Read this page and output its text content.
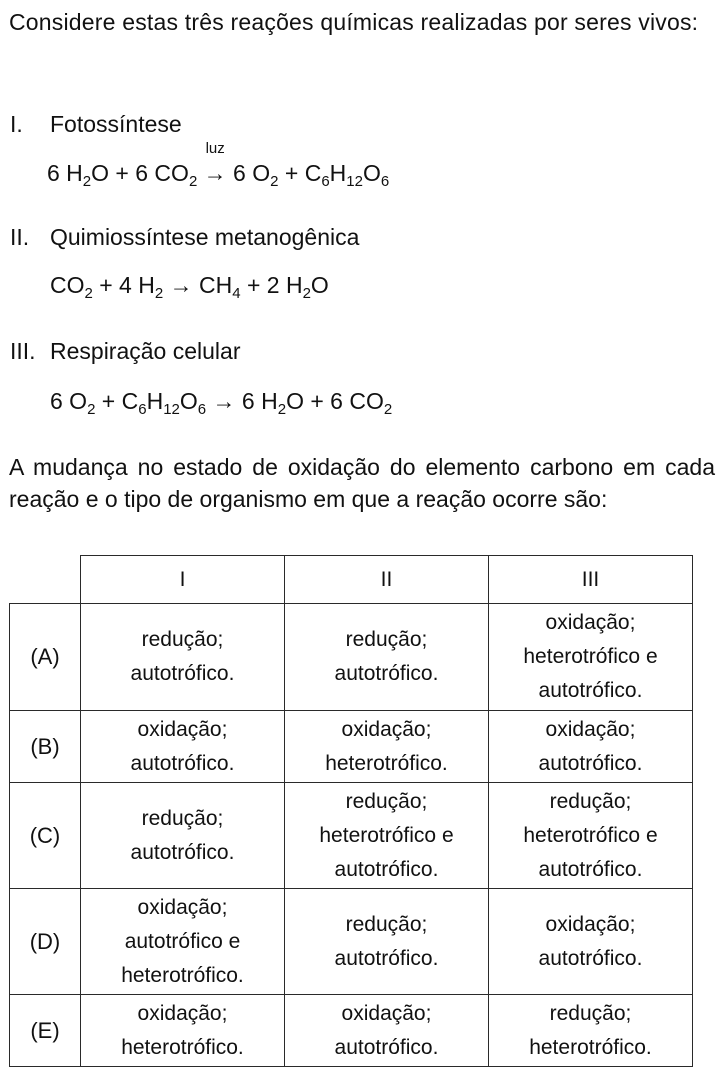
Considere estas três reações químicas realizadas por seres vivos:
I. Fotossíntese
6 $H_2O + 6$ $CO_2$
luz
→ 6 $O_2 + C_6H_{12}O_6$
II. Quimiossíntese metanogênica
$CO_2 + 4$ $H_2 \to CH_4 + 2$ $H_2O$
III. Respiração celular
6 $O_2 + C_6H_{12}O_6 \to 6$ $H_2O + 6$ $CO_2$
A mudança no estado de oxidação do elemento carbono em cada reação e o tipo de organismo em que a reação ocorre são:
	I	II	III
(A)	redução;
autotrófico.	redução;
autotrófico.	oxidação;
heterotrófico e
autotrófico.

(B)	oxidação;
autotrófico.	oxidação;
heterotrófico.	oxidação;
autotrófico.

(C)	redução;
autotrófico.	redução;
heterotrófico e
autotrófico.	redução;
heterotrófico e
autotrófico.

(D)	oxidação;
autotrófico e
heterotrófico.	redução;
autotrófico.	oxidação;
autotrófico.

(E)	oxidação;
heterotrófico.	oxidação;
autotrófico.	redução;
heterotrófico.
